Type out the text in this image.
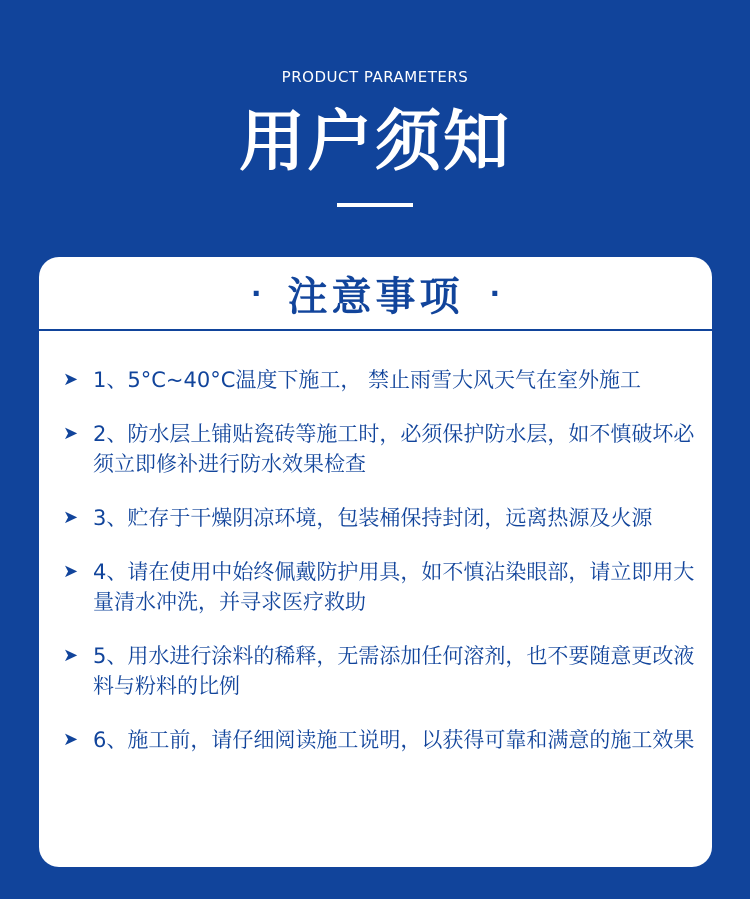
PRODUCT PARAMETERS
用户须知
· 注意事项 ·
➤ 1、5°C~40°C温度下施工， 禁止雨雪大风天气在室外施工
➤ 2、防水层上铺贴瓷砖等施工时，必须保护防水层，如不慎破坏必须立即修补进行防水效果检查
➤ 3、贮存于干燥阴凉环境，包装桶保持封闭，远离热源及火源
➤ 4、请在使用中始终佩戴防护用具，如不慎沾染眼部，请立即用大量清水冲洗，并寻求医疗救助
➤ 5、用水进行涂料的稀释，无需添加任何溶剂，也不要随意更改液料与粉料的比例
➤ 6、施工前，请仔细阅读施工说明，以获得可靠和满意的施工效果
